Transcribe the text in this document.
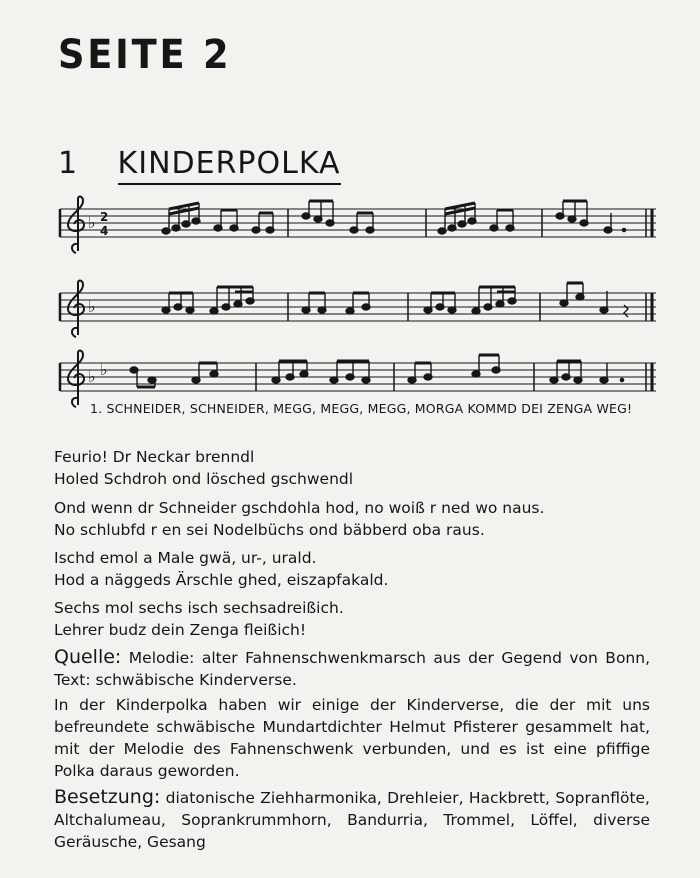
SEITE 2
1 KINDERPOLKA
♭ 2
4
♭
♭ ♭
1. SCHNEIDER, SCHNEIDER, MEGG, MEGG, MEGG, MORGA KOMMD DEI ZENGA WEG!

Feurio! Dr Neckar brenndl

Holed Schdroh ond lösched gschwendl

Ond wenn dr Schneider gschdohla hod, no woiß r ned wo naus.

No schlubfd r en sei Nodelbüchs ond bäbberd oba raus.

Ischd emol a Male gwä, ur-, urald.

Hod a näggeds Ärschle ghed, eiszapfakald.

Sechs mol sechs isch sechsadreißich.

Lehrer budz dein Zenga fleißich!

Quelle: Melodie: alter Fahnenschwenkmarsch aus der Gegend von Bonn, Text: schwäbische Kinderverse.
In der Kinderpolka haben wir einige der Kinderverse, die der mit uns befreundete schwäbische Mundartdichter Helmut Pfisterer gesammelt hat, mit der Melodie des Fahnenschwenk verbunden, und es ist eine pfiffige Polka daraus geworden.
Besetzung: diatonische Ziehharmonika, Drehleier, Hackbrett, Sopranflöte, Altchalumeau, Soprankrummhorn, Bandurria, Trommel, Löffel, diverse Geräusche, Gesang
